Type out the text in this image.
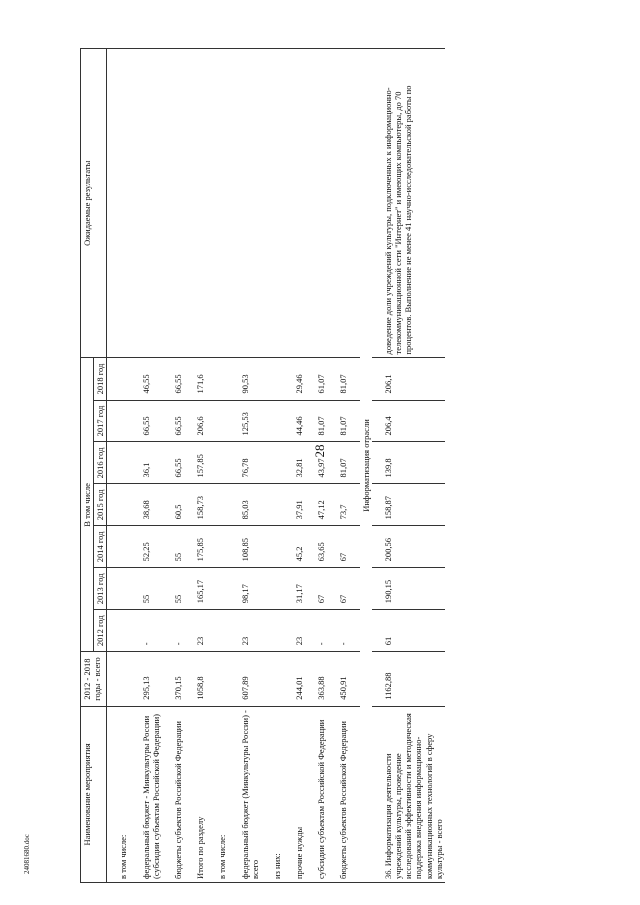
28
24081680.doc
Наименование мероприятия	2012 - 2018 годы - всего	В том числе							Ожидаемые результаты
		2012 год	2013 год	2014 год	2015 год	2016 год	2017 год	2018 год	

в том числе:									

федеральный бюджет - Минкультуры России (субсидии субъектам Российской Федерации)	295,13	-	55	52,25	38,68	36,1	66,55	46,55	

бюджеты субъектов Российской Федерации	370,15	-	55	55	60,5	66,55	66,55	66,55	

Итого по разделу	1058,8	23	165,17	175,85	158,73	157,85	206,6	171,6	

в том числе:									

федеральный бюджет (Минкультуры России) - всего	607,89	23	98,17	108,85	85,03	76,78	125,53	90,53	

из них:									

прочие нужды	244,01	23	31,17	45,2	37,91	32,81	44,46	29,46	

субсидии субъектам Российской Федерации	363,88	-	67	63,65	47,12	43,97	81,07	61,07	

бюджеты субъектов Российской Федерации	450,91	-	67	67	73,7	81,07	81,07	81,07	

Информатизация отрасли									

36. Информатизация деятельности учреждений культуры, проведение исследований эффективности и методическая поддержка внедрения информационно-коммуникационных технологий в сферу культуры - всего	1162,88	61	190,15	200,56	158,87	139,8	206,4	206,1	доведение доли учреждений культуры, подключенных к информационно-телекоммуникационной сети "Интернет" и имеющих компьютеры, до 70 процентов. Выполнение не менее 41 научно-исследовательской работы по
